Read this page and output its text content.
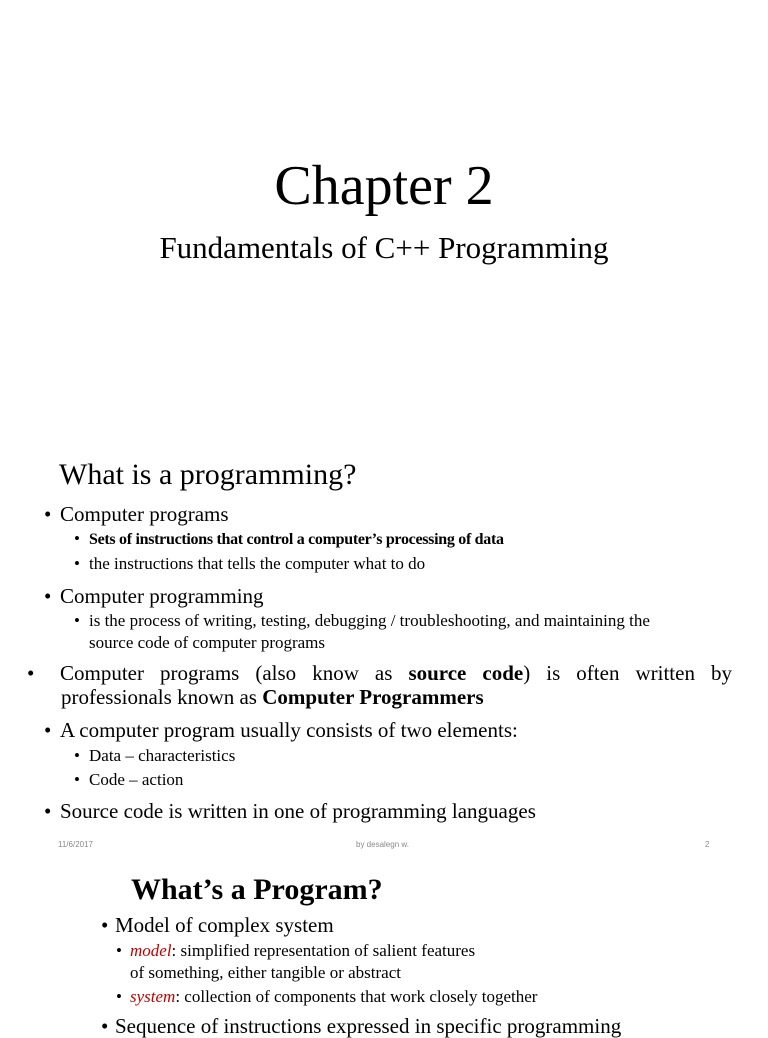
Chapter 2
Fundamentals of C++ Programming
What is a programming?
• Computer programs
• Sets of instructions that control a computer’s processing of data
• the instructions that tells the computer what to do
• Computer programming
• is the process of writing, testing, debugging / troubleshooting, and maintaining the
source code of computer programs
• Computer programs (also know as source code) is often written by
professionals known as Computer Programmers
• A computer program usually consists of two elements:
• Data – characteristics
• Code – action
• Source code is written in one of programming languages
11/6/2017	by desalegn w.	2
What’s a Program?
• Model of complex system
• model: simplified representation of salient features
of something, either tangible or abstract
• system: collection of components that work closely together
• Sequence of instructions expressed in specific programming
